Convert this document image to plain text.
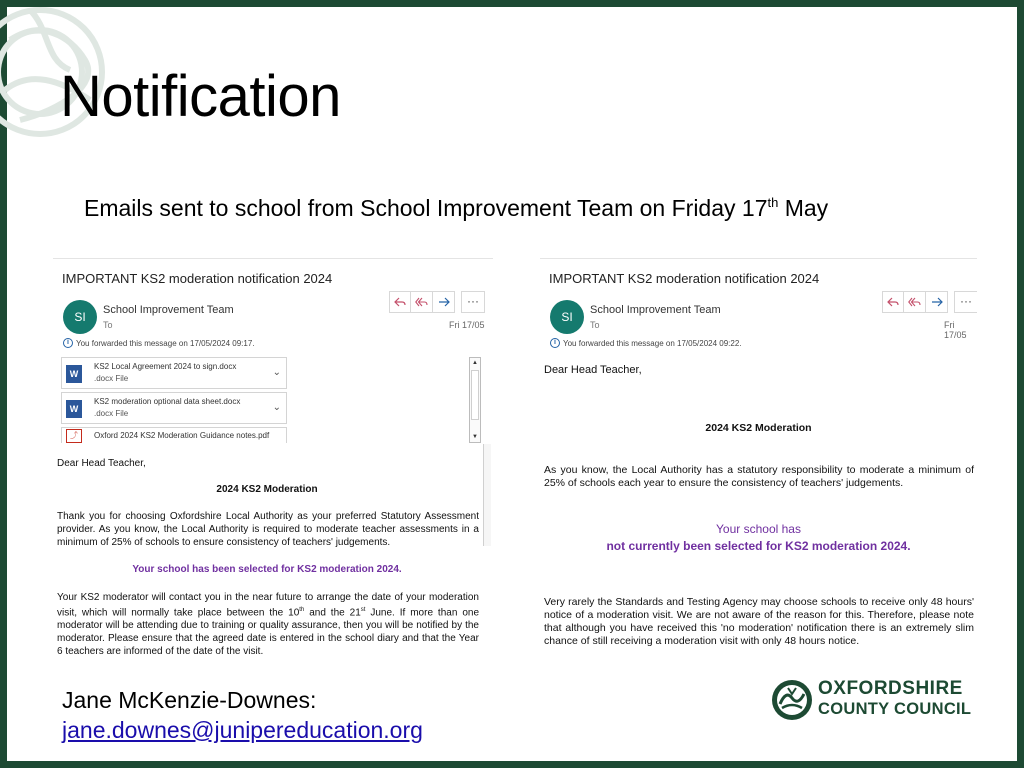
Notification
Emails sent to school from School Improvement Team on Friday 17th May
IMPORTANT KS2 moderation notification 2024
SI	School Improvement Team
To
···
Fri 17/05
i You forwarded this message on 17/05/2024 09:17.
W
KS2 Local Agreement 2024 to sign.docx
.docx File
⌄
W
KS2 moderation optional data sheet.docx
.docx File
⌄
⤴	Oxford 2024 KS2 Moderation Guidance notes.pdf
▲
▼
Dear Head Teacher,
2024 KS2 Moderation
Thank you for choosing Oxfordshire Local Authority as your preferred Statutory Assessment provider. As you know, the Local Authority is required to moderate teacher assessments in a minimum of 25% of schools to ensure consistency of teachers' judgements.
Your school has been selected for KS2 moderation 2024.
Your KS2 moderator will contact you in the near future to arrange the date of your moderation visit, which will normally take place between the 10th and the 21st June. If more than one moderator will be attending due to training or quality assurance, then you will be notified by the moderator. Please ensure that the agreed date is entered in the school diary and that the Year 6 teachers are informed of the date of the visit.
IMPORTANT KS2 moderation notification 2024
SI	School Improvement Team
To
···
Fri 17/05
i You forwarded this message on 17/05/2024 09:22.
Dear Head Teacher,
2024 KS2 Moderation
As you know, the Local Authority has a statutory responsibility to moderate a minimum of 25% of schools each year to ensure the consistency of teachers' judgements.
Your school has
not currently been selected for KS2 moderation 2024.
Very rarely the Standards and Testing Agency may choose schools to receive only 48 hours' notice of a moderation visit. We are not aware of the reason for this. Therefore, please note that although you have received this 'no moderation' notification there is an extremely slim chance of still receiving a moderation visit with only 48 hours notice.
Jane McKenzie-Downes:
jane.downes@junipereducation.org
OXFORDSHIRE
COUNTY COUNCIL
